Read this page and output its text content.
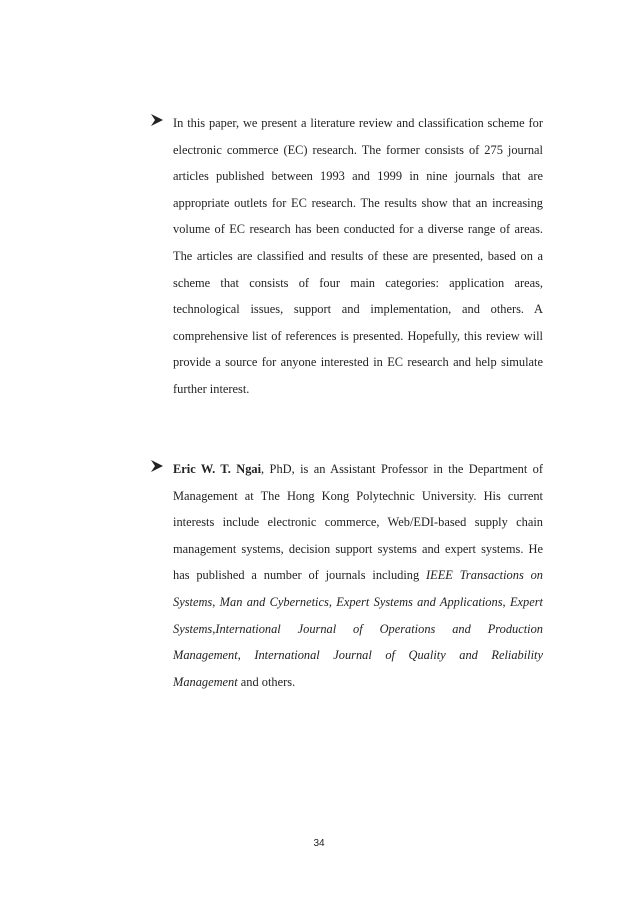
In this paper, we present a literature review and classification scheme for electronic commerce (EC) research. The former consists of 275 journal articles published between 1993 and 1999 in nine journals that are appropriate outlets for EC research. The results show that an increasing volume of EC research has been conducted for a diverse range of areas. The articles are classified and results of these are presented, based on a scheme that consists of four main categories: application areas, technological issues, support and implementation, and others. A comprehensive list of references is presented. Hopefully, this review will provide a source for anyone interested in EC research and help simulate further interest.
Eric W. T. Ngai, PhD, is an Assistant Professor in the Department of Management at The Hong Kong Polytechnic University. His current interests include electronic commerce, Web/EDI-based supply chain management systems, decision support systems and expert systems. He has published a number of journals including IEEE Transactions on Systems, Man and Cybernetics, Expert Systems and Applications, Expert Systems,International Journal of Operations and Production Management, International Journal of Quality and Reliability Management and others.
34
